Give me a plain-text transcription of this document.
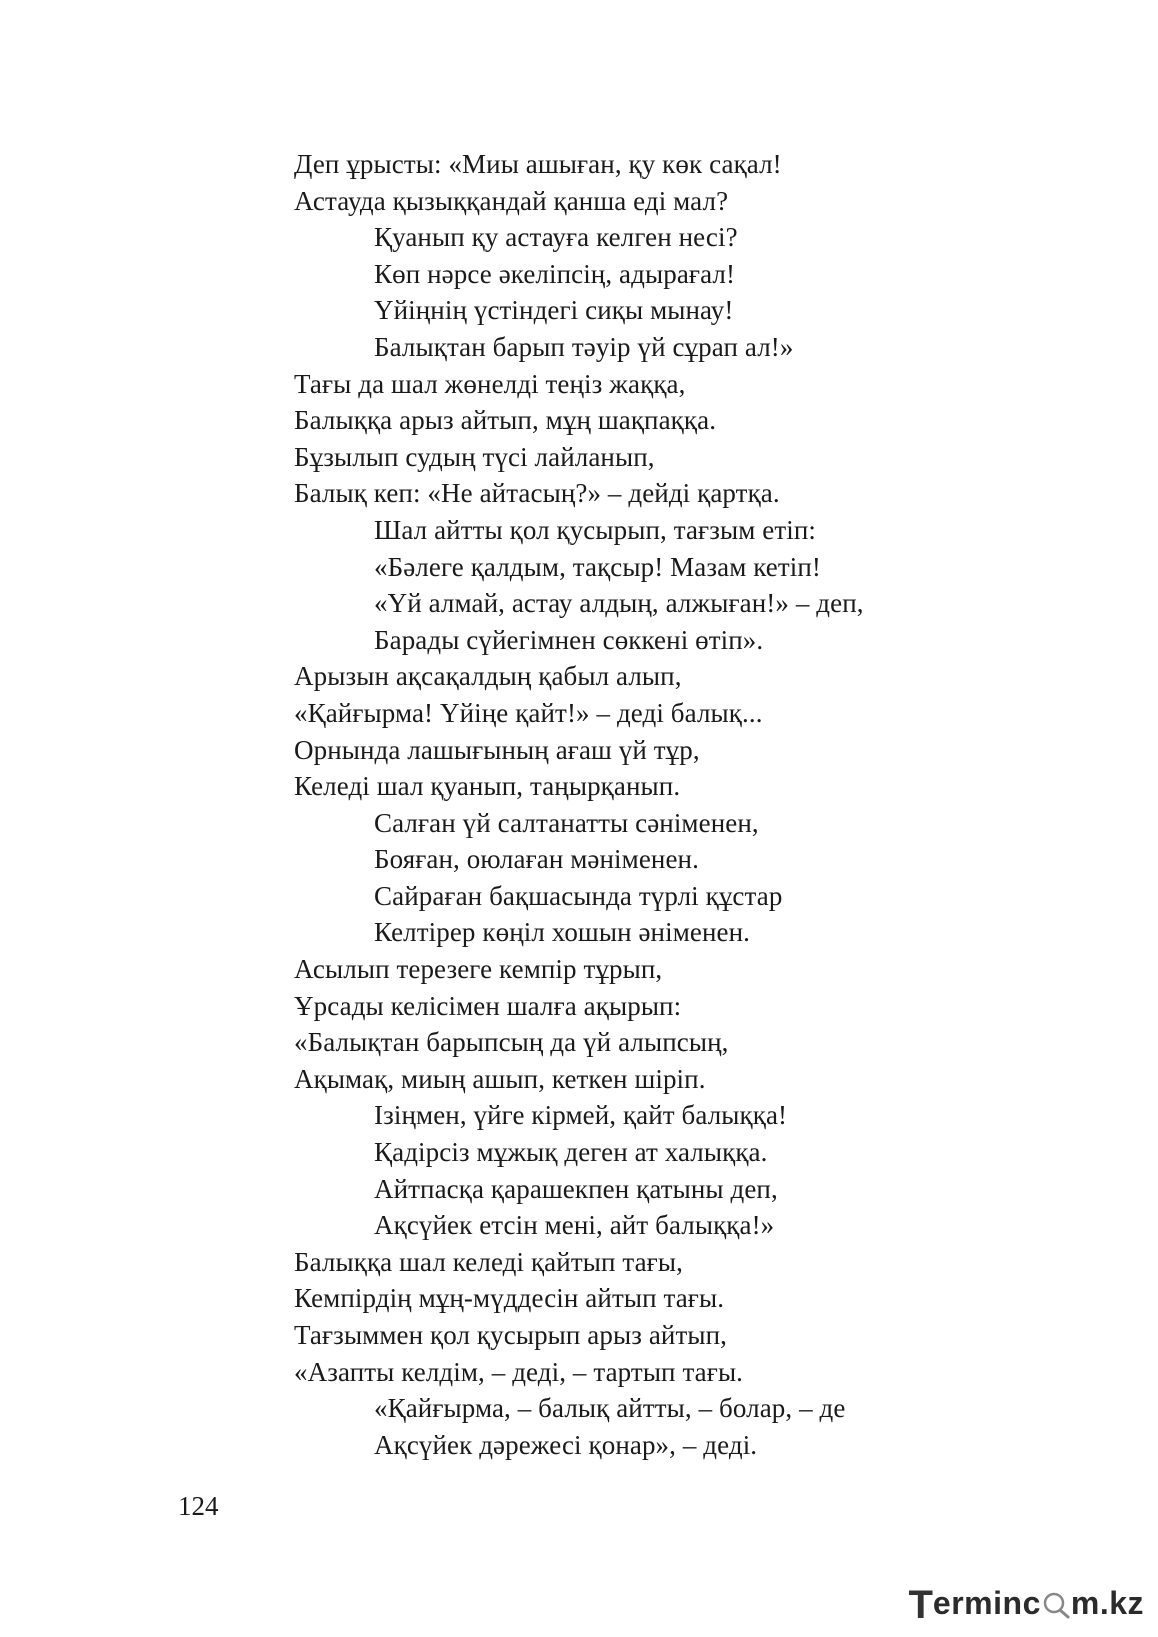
Деп ұрысты: «Миы ашыған, қу көк сақал!
Астауда қызыққандай қанша еді мал?
Қуанып қу астауға келген несі?
Көп нәрсе әкеліпсің, адырағал!
Үйіңнің үстіндегі сиқы мынау!
Балықтан барып тәуір үй сұрап ал!»
Тағы да шал жөнелді теңіз жаққа,
Балыққа арыз айтып, мұң шақпаққа.
Бұзылып судың түсі лайланып,
Балық кеп: «Не айтасың?» – дейді қартқа.
Шал айтты қол қусырып, тағзым етіп:
«Бәлеге қалдым, тақсыр! Мазам кетіп!
«Үй алмай, астау алдың, алжыған!» – деп,
Барады сүйегімнен сөккені өтіп».
Арызын ақсақалдың қабыл алып,
«Қайғырма! Үйіңе қайт!» – деді балық...
Орнында лашығының ағаш үй тұр,
Келеді шал қуанып, таңырқанып.
Салған үй салтанатты сәніменен,
Бояған, оюлаған мәніменен.
Сайраған бақшасында түрлі құстар
Келтірер көңіл хошын әніменен.
Асылып терезеге кемпір тұрып,
Ұрсады келісімен шалға ақырып:
«Балықтан барыпсың да үй алыпсың,
Ақымақ, миың ашып, кеткен шіріп.
Ізіңмен, үйге кірмей, қайт балыққа!
Қадірсіз мұжық деген ат халыққа.
Айтпасқа қарашекпен қатыны деп,
Ақсүйек етсін мені, айт балыққа!»
Балыққа шал келеді қайтып тағы,
Кемпірдің мұң-мүддесін айтып тағы.
Тағзыммен қол қусырып арыз айтып,
«Азапты келдім, – деді, – тартып тағы.
«Қайғырма, – балық айтты, – болар, – де
Ақсүйек дәрежесі қонар», – деді.
124
T erminc m.kz
